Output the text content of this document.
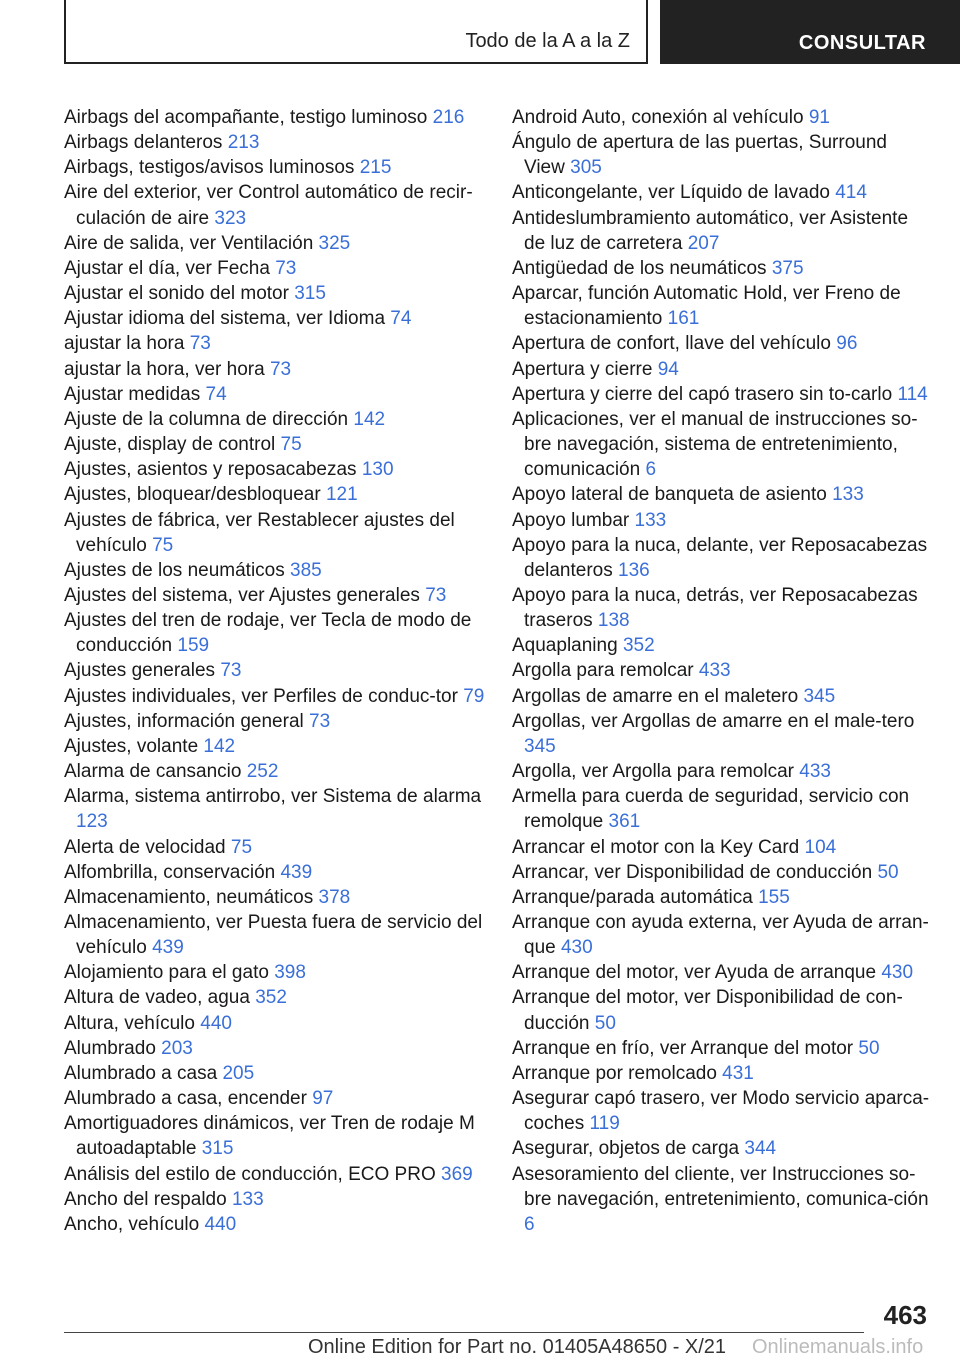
Todo de la A a la Z	CONSULTAR
Airbags del acompañante, testigo luminoso 216
Airbags delanteros 213
Airbags, testigos/avisos luminosos 215
Aire del exterior, ver Control automático de recir-culación de aire 323
Aire de salida, ver Ventilación 325
Ajustar el día, ver Fecha 73
Ajustar el sonido del motor 315
Ajustar idioma del sistema, ver Idioma 74
ajustar la hora 73
ajustar la hora, ver hora 73
Ajustar medidas 74
Ajuste de la columna de dirección 142
Ajuste, display de control 75
Ajustes, asientos y reposacabezas 130
Ajustes, bloquear/desbloquear 121
Ajustes de fábrica, ver Restablecer ajustes del vehículo 75
Ajustes de los neumáticos 385
Ajustes del sistema, ver Ajustes generales 73
Ajustes del tren de rodaje, ver Tecla de modo de conducción 159
Ajustes generales 73
Ajustes individuales, ver Perfiles de conduc-tor 79
Ajustes, información general 73
Ajustes, volante 142
Alarma de cansancio 252
Alarma, sistema antirrobo, ver Sistema de alarma 123
Alerta de velocidad 75
Alfombrilla, conservación 439
Almacenamiento, neumáticos 378
Almacenamiento, ver Puesta fuera de servicio del vehículo 439
Alojamiento para el gato 398
Altura de vadeo, agua 352
Altura, vehículo 440
Alumbrado 203
Alumbrado a casa 205
Alumbrado a casa, encender 97
Amortiguadores dinámicos, ver Tren de rodaje M autoadaptable 315
Análisis del estilo de conducción, ECO PRO 369
Ancho del respaldo 133
Ancho, vehículo 440
Android Auto, conexión al vehículo 91
Ángulo de apertura de las puertas, Surround View 305
Anticongelante, ver Líquido de lavado 414
Antideslumbramiento automático, ver Asistente de luz de carretera 207
Antigüedad de los neumáticos 375
Aparcar, función Automatic Hold, ver Freno de estacionamiento 161
Apertura de confort, llave del vehículo 96
Apertura y cierre 94
Apertura y cierre del capó trasero sin to-carlo 114
Aplicaciones, ver el manual de instrucciones so-bre navegación, sistema de entretenimiento, comunicación 6
Apoyo lateral de banqueta de asiento 133
Apoyo lumbar 133
Apoyo para la nuca, delante, ver Reposacabezas delanteros 136
Apoyo para la nuca, detrás, ver Reposacabezas traseros 138
Aquaplaning 352
Argolla para remolcar 433
Argollas de amarre en el maletero 345
Argollas, ver Argollas de amarre en el male-tero 345
Argolla, ver Argolla para remolcar 433
Armella para cuerda de seguridad, servicio con remolque 361
Arrancar el motor con la Key Card 104
Arrancar, ver Disponibilidad de conducción 50
Arranque/parada automática 155
Arranque con ayuda externa, ver Ayuda de arran-que 430
Arranque del motor, ver Ayuda de arranque 430
Arranque del motor, ver Disponibilidad de con-ducción 50
Arranque en frío, ver Arranque del motor 50
Arranque por remolcado 431
Asegurar capó trasero, ver Modo servicio aparca-coches 119
Asegurar, objetos de carga 344
Asesoramiento del cliente, ver Instrucciones so-bre navegación, entretenimiento, comunica-ción 6
463
Online Edition for Part no. 01405A48650 - X/21 Onlinemanuals.info
